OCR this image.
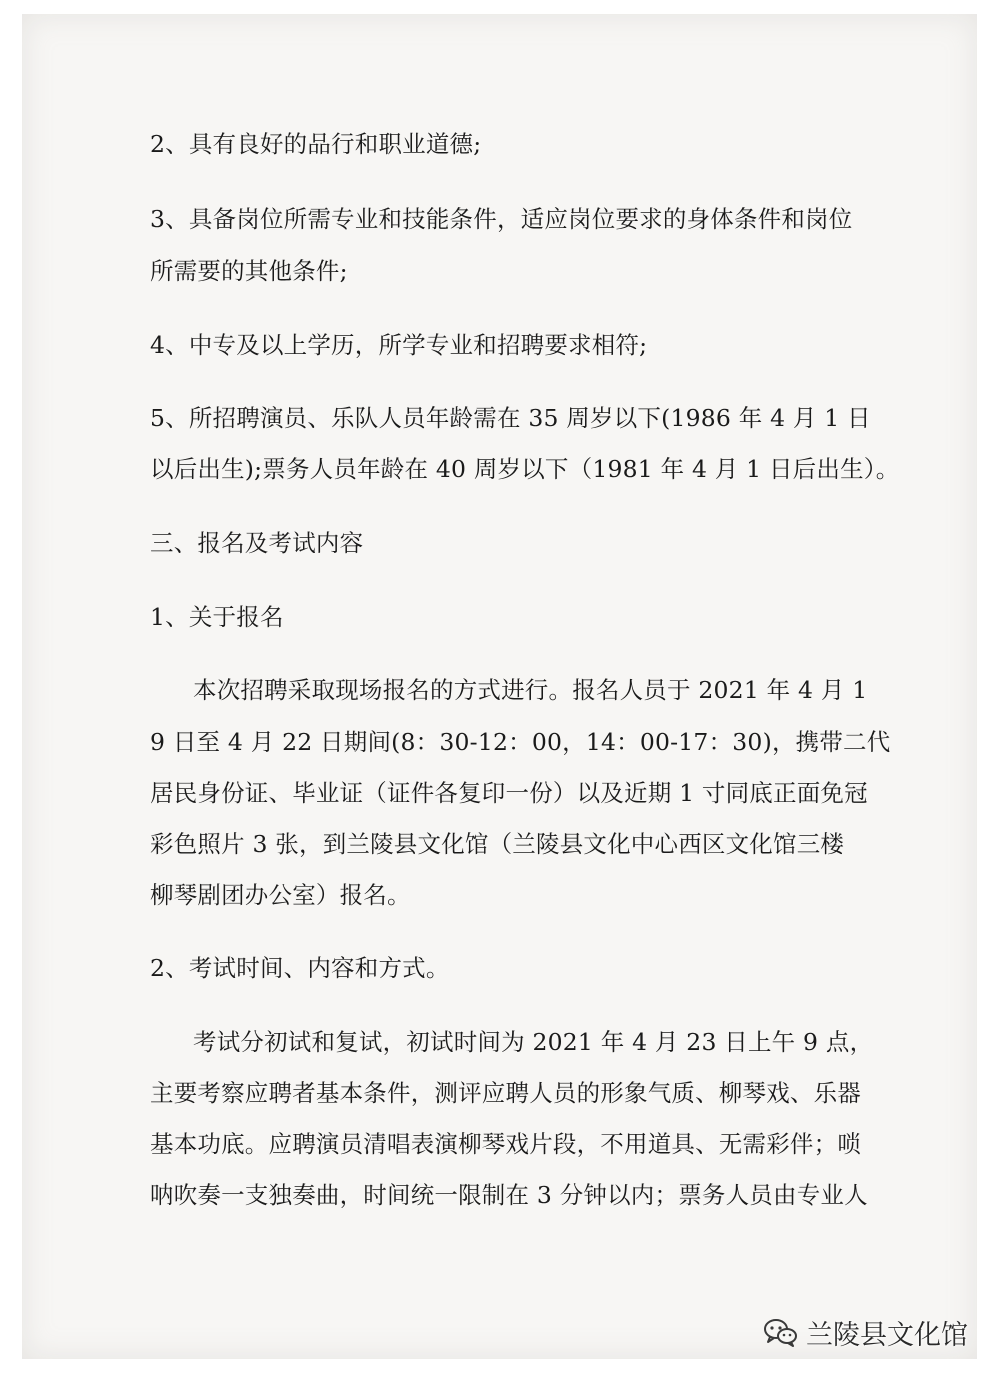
2、具有良好的品行和职业道德;
3、具备岗位所需专业和技能条件，适应岗位要求的身体条件和岗位
所需要的其他条件;
4、中专及以上学历，所学专业和招聘要求相符;
5、所招聘演员、乐队人员年龄需在 35 周岁以下(1986 年 4 月 1 日
以后出生);票务人员年龄在 40 周岁以下（1981 年 4 月 1 日后出生）。
三、报名及考试内容
1、关于报名
本次招聘采取现场报名的方式进行。报名人员于 2021 年 4 月 1
9 日至 4 月 22 日期间(8：30-12：00，14：00-17：30)，携带二代
居民身份证、毕业证（证件各复印一份）以及近期 1 寸同底正面免冠
彩色照片 3 张，到兰陵县文化馆（兰陵县文化中心西区文化馆三楼
柳琴剧团办公室）报名。
2、考试时间、内容和方式。
考试分初试和复试，初试时间为 2021 年 4 月 23 日上午 9 点，
主要考察应聘者基本条件，测评应聘人员的形象气质、柳琴戏、乐器
基本功底。应聘演员清唱表演柳琴戏片段，不用道具、无需彩伴；唢
呐吹奏一支独奏曲，时间统一限制在 3 分钟以内；票务人员由专业人
兰陵县文化馆
